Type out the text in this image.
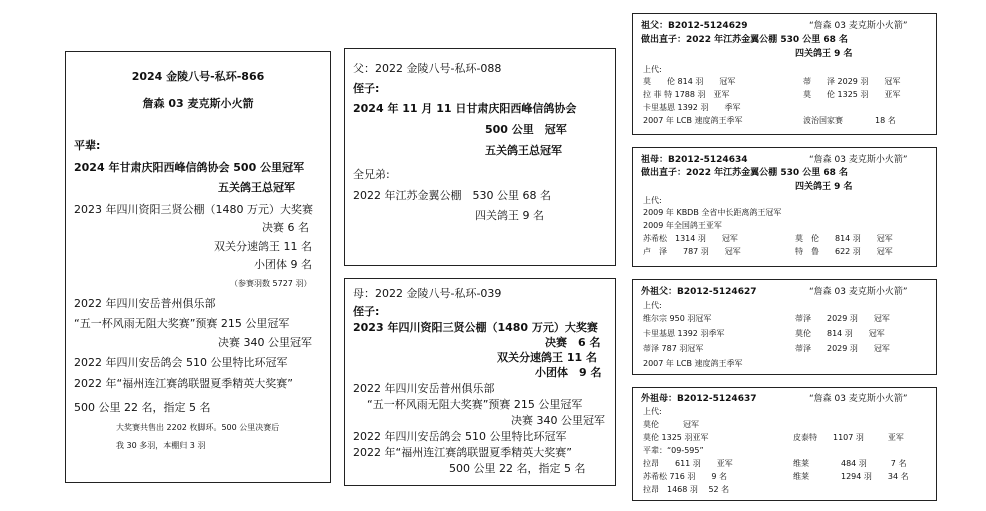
2024 金陵八号-私环-866
詹森 03 麦克斯小火箭
平辈:
2024 年甘肃庆阳西峰信鸽协会 500 公里冠军
五关鸽王总冠军
2023 年四川资阳三贤公棚（1480 万元）大奖赛
决赛 6 名
双关分速鸽王 11 名
小团体 9 名
（参赛羽数 5727 羽）
2022 年四川安岳普州俱乐部
“五一杯风雨无阻大奖赛”预赛 215 公里冠军
决赛 340 公里冠军
2022 年四川安岳鸽会 510 公里特比环冠军
2022 年“福州连江赛鸽联盟夏季精英大奖赛”
500 公里 22 名，指定 5 名
大奖赛共售出 2202 枚脚环。500 公里决赛后
我 30 多羽，本棚归 3 羽
父：2022 金陵八号-私环-088
侄子:
2024 年 11 月 11 日甘肃庆阳西峰信鸽协会
500 公里　冠军
五关鸽王总冠军
全兄弟:
2022 年江苏金翼公棚　530 公里 68 名
四关鸽王 9 名
母：2022 金陵八号-私环-039
侄子:
2023 年四川资阳三贤公棚（1480 万元）大奖赛
决赛　6 名
双关分速鸽王 11 名
小团体　9 名
2022 年四川安岳普州俱乐部
“五一杯风雨无阻大奖赛”预赛 215 公里冠军
决赛 340 公里冠军
2022 年四川安岳鸽会 510 公里特比环冠军
2022 年“福州连江赛鸽联盟夏季精英大奖赛”
500 公里 22 名，指定 5 名
祖父：B2012-5124629	“詹森 03 麦克斯小火箭”
做出直子：2022 年江苏金翼公棚 530 公里 68 名
四关鸽王 9 名
上代:
莫　　伦 814 羽　　冠军	蒂　　泽 2029 羽　　冠军
拉 菲 特 1788 羽　亚军	莫　　伦 1325 羽　　亚军
卡里基恩 1392 羽　　季军
2007 年 LCB 速度鸽王季军	波治国家赛　　　　18 名
祖母：B2012-5124634	“詹森 03 麦克斯小火箭”
做出直子：2022 年江苏金翼公棚 530 公里 68 名
四关鸽王 9 名
上代:
2009 年 KBDB 全省中长距离鸽王冠军
2009 年全国鸽王亚军
苏希松　1314 羽　　冠军	莫　伦　　814 羽　　冠军
卢　泽　　787 羽　　冠军	特　鲁　　622 羽　　冠军
外祖父：B2012-5124627	“詹森 03 麦克斯小火箭”
上代:
维尔宗 950 羽冠军	蒂泽　　2029 羽　　冠军
卡里基恩 1392 羽季军	莫伦　　814 羽　　冠军
蒂泽 787 羽冠军	蒂泽　　2029 羽　　冠军
2007 年 LCB 速度鸽王季军
外祖母：B2012-5124637	“詹森 03 麦克斯小火箭”
上代:
莫伦　　　冠军
莫伦 1325 羽亚军	皮泰特　　1107 羽　　　亚军
平辈：“09-595”
拉昂　　611 羽　　亚军	维莱　　　　484 羽　　　7 名
苏希松 716 羽　　9 名	维莱　　　　1294 羽　　34 名
拉昂　1468 羽　 52 名
